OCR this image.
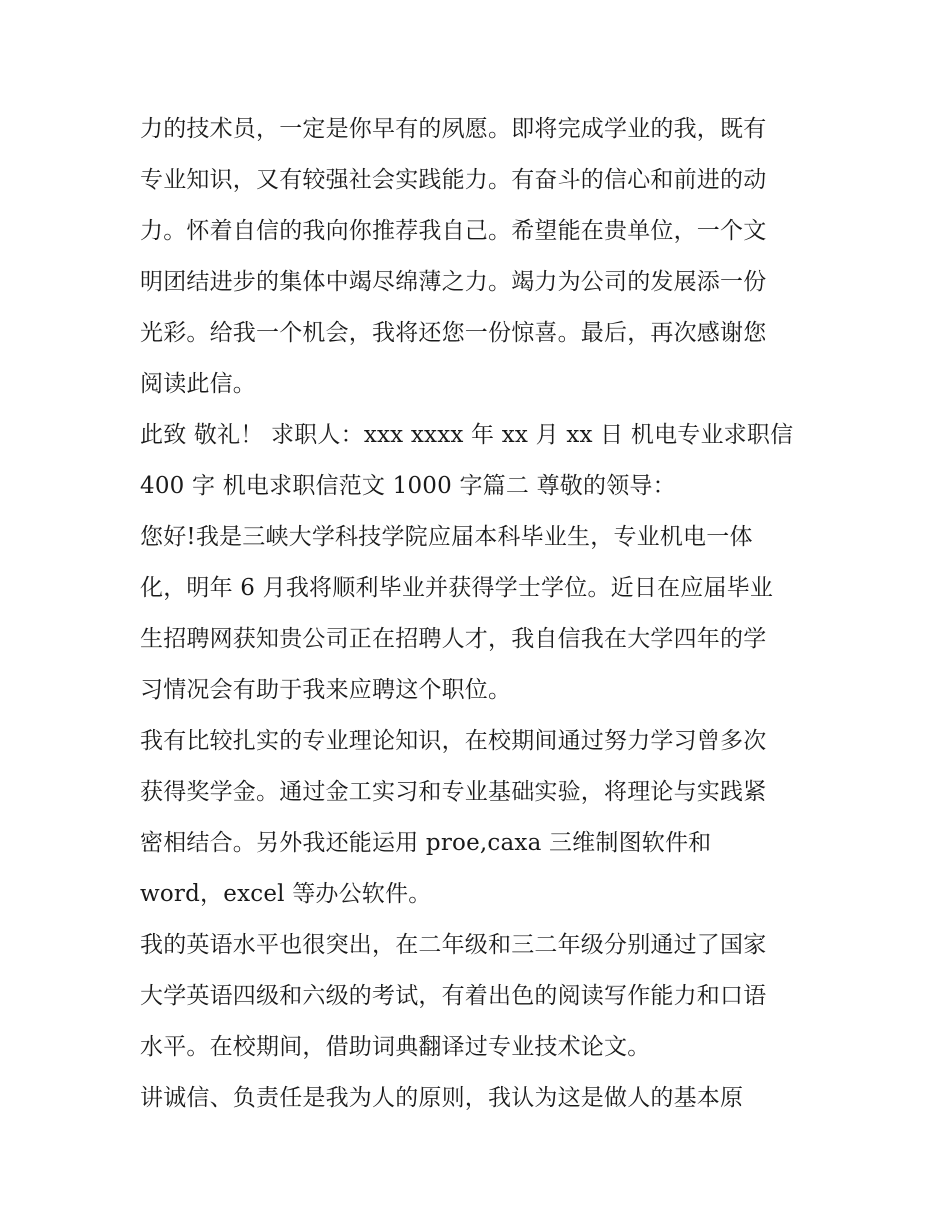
力的技术员，一定是你早有的夙愿。即将完成学业的我，既有
专业知识，又有较强社会实践能力。有奋斗的信心和前进的动
力。怀着自信的我向你推荐我自己。希望能在贵单位，一个文
明团结进步的集体中竭尽绵薄之力。竭力为公司的发展添一份
光彩。给我一个机会，我将还您一份惊喜。最后，再次感谢您
阅读此信。
此致 敬礼！ 求职人：xxx xxxx 年 xx 月 xx 日 机电专业求职信
400 字 机电求职信范文 1000 字篇二 尊敬的领导：
您好!我是三峡大学科技学院应届本科毕业生，专业机电一体
化，明年 6 月我将顺利毕业并获得学士学位。近日在应届毕业
生招聘网获知贵公司正在招聘人才，我自信我在大学四年的学
习情况会有助于我来应聘这个职位。
我有比较扎实的专业理论知识，在校期间通过努力学习曾多次
获得奖学金。通过金工实习和专业基础实验，将理论与实践紧
密相结合。另外我还能运用 proe,caxa 三维制图软件和
word，excel 等办公软件。
我的英语水平也很突出，在二年级和三二年级分别通过了国家
大学英语四级和六级的考试，有着出色的阅读写作能力和口语
水平。在校期间，借助词典翻译过专业技术论文。
讲诚信、负责任是我为人的原则，我认为这是做人的基本原
